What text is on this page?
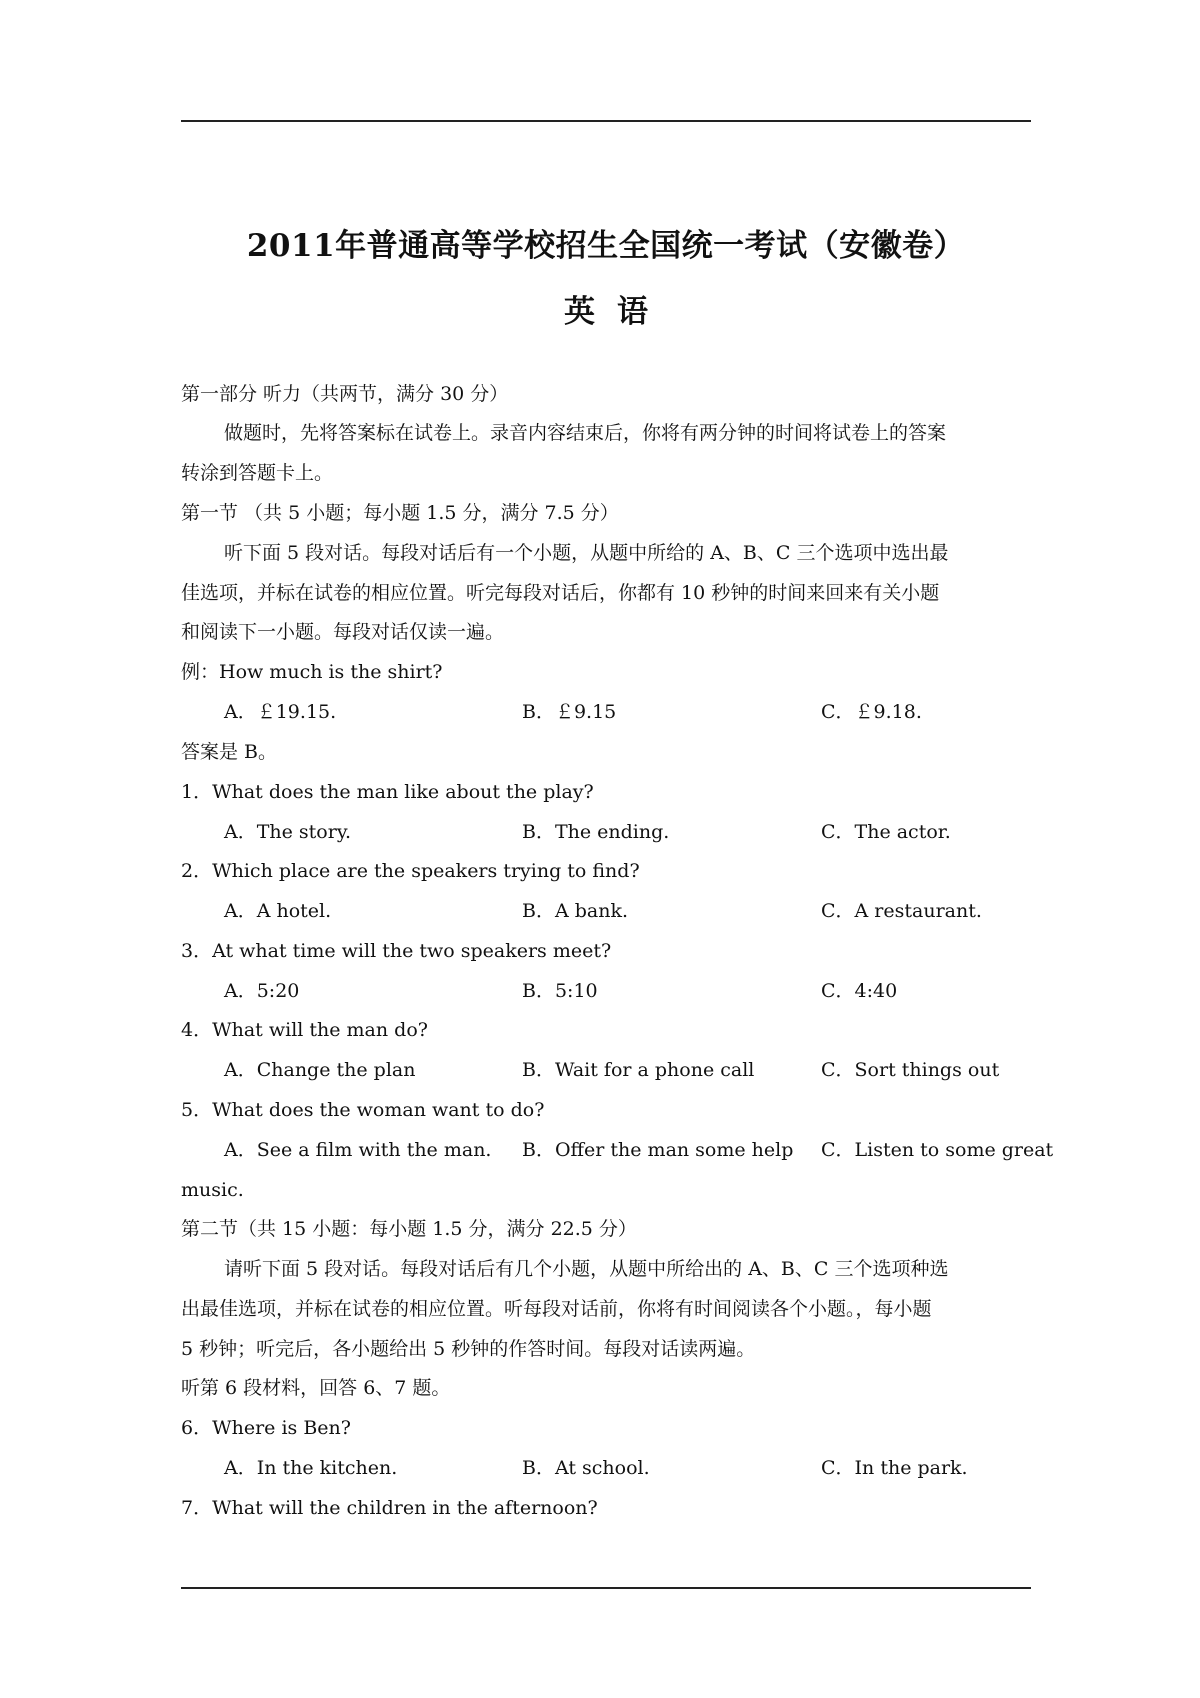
2011年普通高等学校招生全国统一考试（安徽卷）
英语
第一部分 听力（共两节，满分 30 分）
做题时，先将答案标在试卷上。录音内容结束后，你将有两分钟的时间将试卷上的答案
转涂到答题卡上。
第一节 （共 5 小题；每小题 1.5 分，满分 7.5 分）
听下面 5 段对话。每段对话后有一个小题，从题中所给的 A、B、C 三个选项中选出最
佳选项，并标在试卷的相应位置。听完每段对话后，你都有 10 秒钟的时间来回来有关小题
和阅读下一小题。每段对话仅读一遍。
例：How much is the shirt?
A．￡19.15.	B．￡9.15	C．￡9.18.
答案是 B。
1．What does the man like about the play?
A．The story.	B．The ending.	C．The actor.
2．Which place are the speakers trying to find?
A．A hotel.	B．A bank.	C．A restaurant.
3．At what time will the two speakers meet?
A．5:20	B．5:10	C．4:40
4．What will the man do?
A．Change the plan	B．Wait for a phone call	C．Sort things out
5．What does the woman want to do?
A．See a film with the man. B．Offer the man some help C．Listen to some great
music.
第二节（共 15 小题：每小题 1.5 分，满分 22.5 分）
请听下面 5 段对话。每段对话后有几个小题，从题中所给出的 A、B、C 三个选项种选
出最佳选项，并标在试卷的相应位置。听每段对话前，你将有时间阅读各个小题。，每小题
5 秒钟；听完后，各小题给出 5 秒钟的作答时间。每段对话读两遍。
听第 6 段材料，回答 6、7 题。
6．Where is Ben?
A．In the kitchen.	B．At school.	C．In the park.
7．What will the children in the afternoon?
